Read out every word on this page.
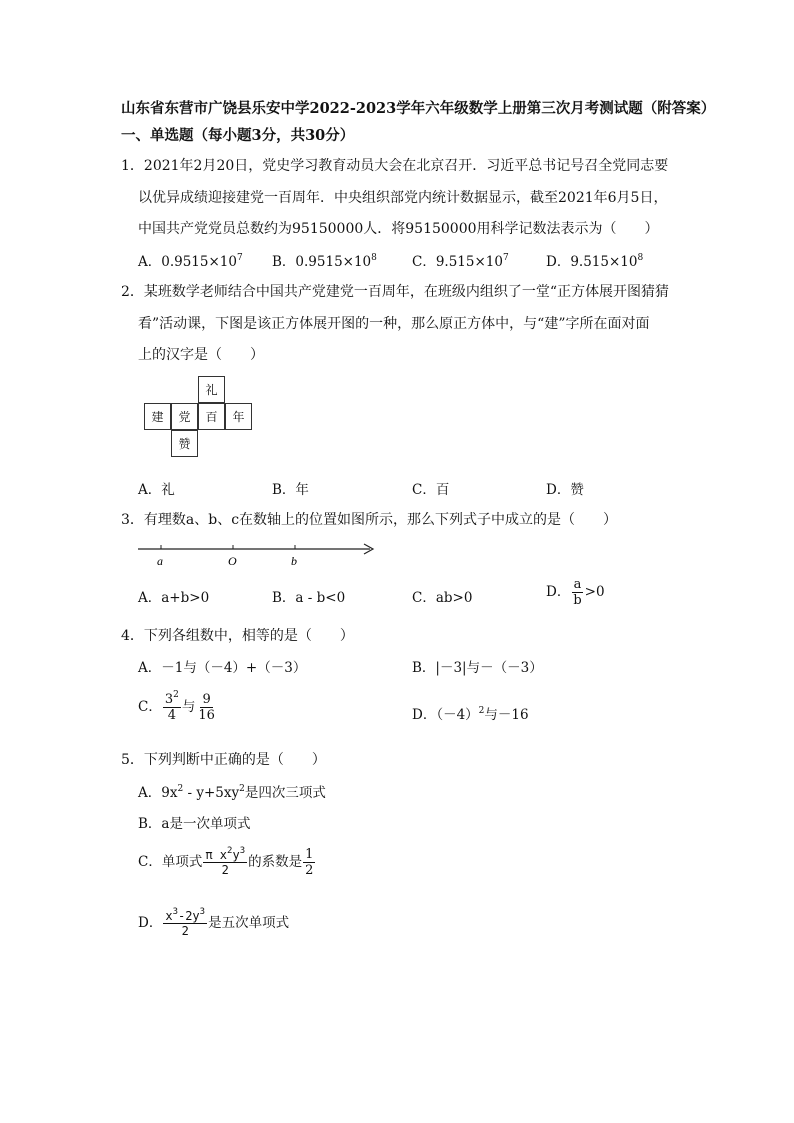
山东省东营市广饶县乐安中学2022-2023学年六年级数学上册第三次月考测试题（附答案）
一、单选题（每小题3分，共30分）
1．2021年2月20日，党史学习教育动员大会在北京召开．习近平总书记号召全党同志要
以优异成绩迎接建党一百周年．中央组织部党内统计数据显示，截至2021年6月5日，
中国共产党党员总数约为95150000人．将95150000用科学记数法表示为（　　）
A．$0.9515\times 10^7$ B．$0.9515\times 10^8$	C．$9.515\times 10^7$	D．$9.515\times 10^8$
2．某班数学老师结合中国共产党建党一百周年，在班级内组织了一堂“正方体展开图猜猜
看”活动课，下图是该正方体展开图的一种，那么原正方体中，与“建”字所在面对面
上的汉字是（　　）
礼
建	党	百	年
赞
A．礼	B．年	C．百	D．赞
3．有理数a、b、c在数轴上的位置如图所示，那么下列式子中成立的是（　　）
a	O	b
A．a+b>0	B．a - b<0	C．ab>0	D． $\frac{a}{b} >0$
4．下列各组数中，相等的是（　　）
A．－1与（－4）+（－3）	B．|－3|与－（－3）
C． $\frac{3^2}{4}$ 与 $\frac{9}{16}$	D．$(-4)^2$与－16
5．下列判断中正确的是（　　）
A．$9x^2 - y+5xy^2$是四次三项式
B．a是一次单项式
C．单项式 $\frac{\pi x^2y^3}{2}$ 的系数是 $\frac{1}{2}$
D． $\frac{x^3-2y^3}{2}$ 是五次单项式
